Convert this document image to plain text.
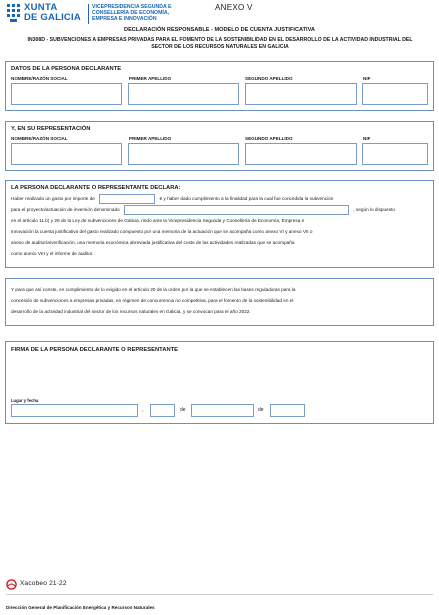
XUNTA
DE GALICIA
VICEPRESIDENCIA SEGUNDA E
CONSELLERÍA DE ECONOMÍA,
EMPRESA E INNOVACIÓN
ANEXO V
DECLARACIÓN RESPONSABLE - MODELO DE CUENTA JUSTIFICATIVA
IN308D - SUBVENCIONES A EMPRESAS PRIVADAS PARA EL FOMENTO DE LA SOSTENIBILIDAD EN EL DESARROLLO DE LA ACTIVIDAD INDUSTRIAL DEL
SECTOR DE LOS RECURSOS NATURALES EN GALICIA
DATOS DE LA PERSONA DECLARANTE
NOMBRE/RAZÓN SOCIAL	PRIMER APELLIDO	SEGUNDO APELLIDO	NIF
Y, EN SU REPRESENTACIÓN
NOMBRE/RAZÓN SOCIAL	PRIMER APELLIDO	SEGUNDO APELLIDO	NIF
LA PERSONA DECLARANTE O REPRESENTANTE DECLARA:
Haber realizado un gasto por importe de	€ y haber dado cumplimiento a la finalidad para la cual fue concedida la subvención
para el proyecto/actuación de inversión denominado	, según lo dispuesto
en el artículo 11.b) y 28 de la Ley de subvenciones de Galicia, rindo ante la Vicepresidencia Segunda y Consellería de Economía, Empresa e
Innovación la cuenta justificativa del gasto realizado compuesto por una memoria de la actuación que se acompaña como anexo VI y anexo VII o
anexo de auditoría/verificación, una memoria económica abreviada justificativa del coste de las actividades realizadas que se acompaña
como anexo VIII y el informe de auditor.
Y para que así conste, en cumplimiento de lo exigido en el artículo 20 de la orden por la que se establecen las bases reguladoras para la
concesión de subvenciones a empresas privadas, en régimen de concurrencia no competitiva, para el fomento de la sostenibilidad en el
desarrollo de la actividad industrial del sector de los recursos naturales en Galicia, y se convocan para el año 2022.
FIRMA DE LA PERSONA DECLARANTE O REPRESENTANTE
Lugar y fecha
,	de	de
Xacobeo 21·22
Dirección General de Planificación Energética y Recursos Naturales
